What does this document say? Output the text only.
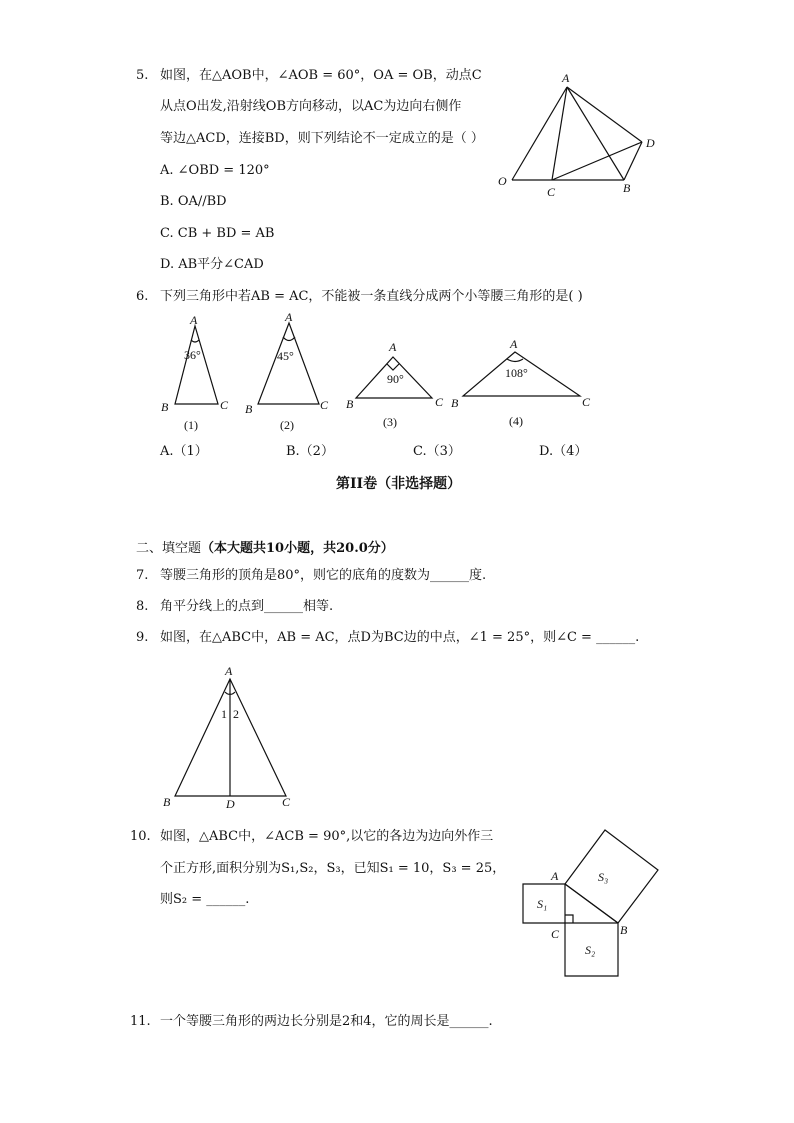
5. 如图，在△AOB中，∠AOB = 60°，OA = OB，动点C
从点O出发,沿射线OB方向移动，以AC为边向右侧作
等边△ACD，连接BD，则下列结论不一定成立的是（ ）
A. ∠OBD = 120°
B. OA//BD
C. CB + BD = AB
D. AB平分∠CAD
A
O
C	B
D
6. 下列三角形中若AB = AC，不能被一条直线分成两个小等腰三角形的是( )
A
B	C
36°
(1)
A
B	C
45°
(2)
A
B	C
90°
(3)
A
B	C
108°
(4)
A.（1）	B.（2）	C.（3）	D.（4）
第II卷（非选择题）
二、填空题（本大题共10小题，共20.0分）
7. 等腰三角形的顶角是80°，则它的底角的度数为______度.
8. 角平分线上的点到______相等.
9. 如图，在△ABC中，AB = AC，点D为BC边的中点，∠1 = 25°，则∠C = ______.
A
B	C
D
1 2
10. 如图，△ABC中，∠ACB = 90°,以它的各边为边向外作三
个正方形,面积分别为S₁,S₂，S₃，已知S₁ = 10，S₃ = 25，
则S₂ = ______.
A
B
C
S₁
S₂
S₃
11. 一个等腰三角形的两边长分别是2和4，它的周长是______.
